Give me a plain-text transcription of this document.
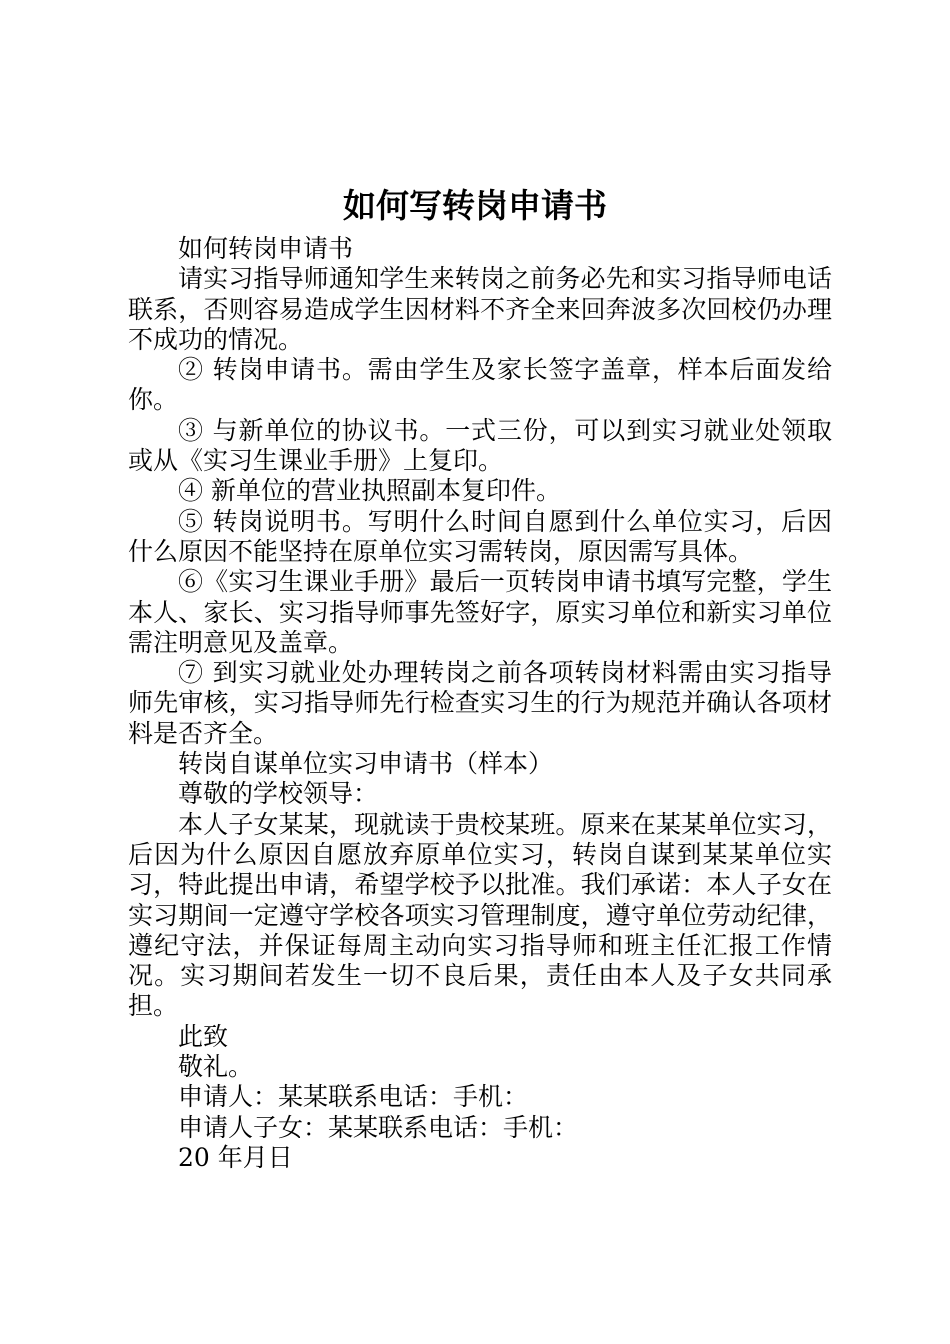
如何写转岗申请书

如何转岗申请书

请实习指导师通知学生来转岗之前务必先和实习指导师电话联系，否则容易造成学生因材料不齐全来回奔波多次回校仍办理不成功的情况。

② 转岗申请书。需由学生及家长签字盖章，样本后面发给你。

③ 与新单位的协议书。一式三份，可以到实习就业处领取或从《实习生课业手册》上复印。

④ 新单位的营业执照副本复印件。

⑤ 转岗说明书。写明什么时间自愿到什么单位实习，后因什么原因不能坚持在原单位实习需转岗，原因需写具体。

⑥《实习生课业手册》最后一页转岗申请书填写完整，学生本人、家长、实习指导师事先签好字，原实习单位和新实习单位需注明意见及盖章。

⑦ 到实习就业处办理转岗之前各项转岗材料需由实习指导师先审核，实习指导师先行检查实习生的行为规范并确认各项材料是否齐全。

转岗自谋单位实习申请书（样本）

尊敬的学校领导：

本人子女某某，现就读于贵校某班。原来在某某单位实习，后因为什么原因自愿放弃原单位实习，转岗自谋到某某单位实习，特此提出申请，希望学校予以批准。我们承诺：本人子女在实习期间一定遵守学校各项实习管理制度，遵守单位劳动纪律，遵纪守法，并保证每周主动向实习指导师和班主任汇报工作情况。实习期间若发生一切不良后果，责任由本人及子女共同承担。

此致

敬礼。

申请人：某某联系电话：手机：

申请人子女：某某联系电话：手机：

20 年月日
